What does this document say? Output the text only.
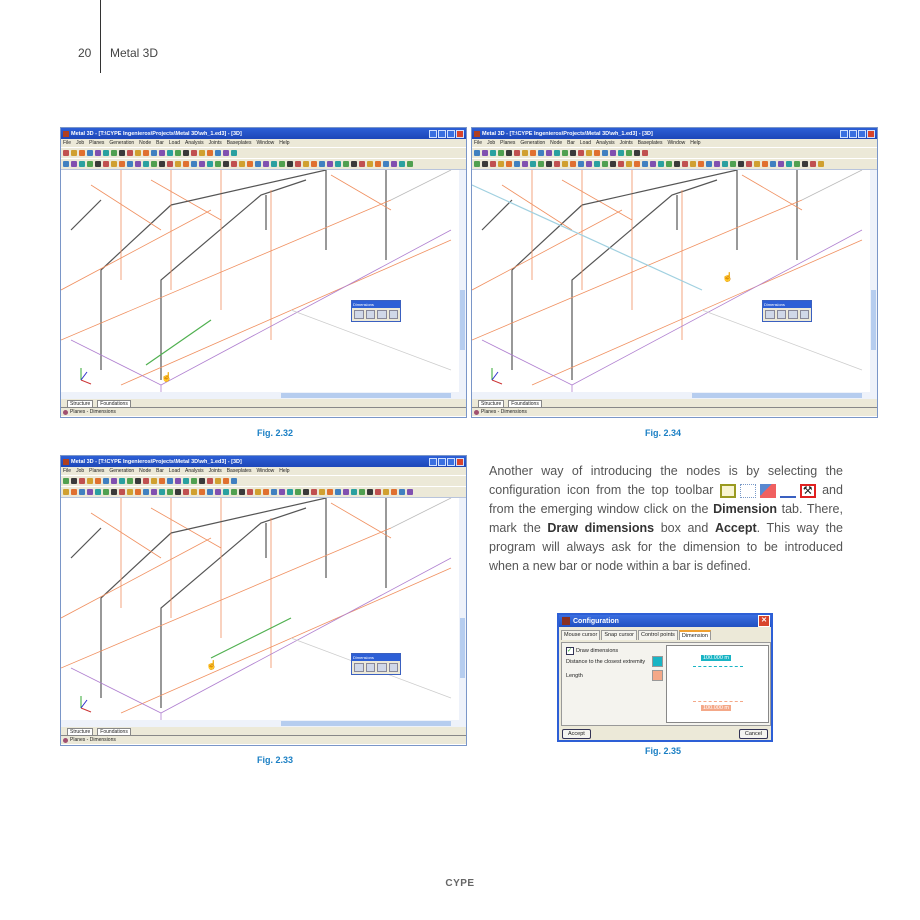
20 Metal 3D
Metal 3D - [T:\CYPE Ingenieros\Projects\Metal 3D\wh_1.ed3] - [3D]
File Job Planes Generation Node Bar Load Analysis Joints Baseplates Window Help
☝
Dimensions
Structure	Foundations
Planes - Dimensions
Metal 3D - [T:\CYPE Ingenieros\Projects\Metal 3D\wh_1.ed3] - [3D]
File Job Planes Generation Node Bar Load Analysis Joints Baseplates Window Help
☝
Dimensions
Structure	Foundations
Planes - Dimensions
Metal 3D - [T:\CYPE Ingenieros\Projects\Metal 3D\wh_1.ed3] - [3D]
File Job Planes Generation Node Bar Load Analysis Joints Baseplates Window Help
☝
Dimensions
Structure	Foundations
Planes - Dimensions
Fig. 2.32	Fig. 2.34
Fig. 2.33
Fig. 2.35
Another way of introducing the nodes is by selecting the configuration icon from the top toolbar	⚒ and from the emerging window click on the Dimension tab. There, mark the Draw dimensions box and Accept. This way the program will always ask for the dimension to be introduced when a new bar or node within a bar is defined.
Configuration	✕
Mouse cursor	Snap cursor	Control points	Dimension
✓ Draw dimensions
Distance to the closest extremity
Length
100.000 m
100.000 m
Accept	Cancel
CYPE
